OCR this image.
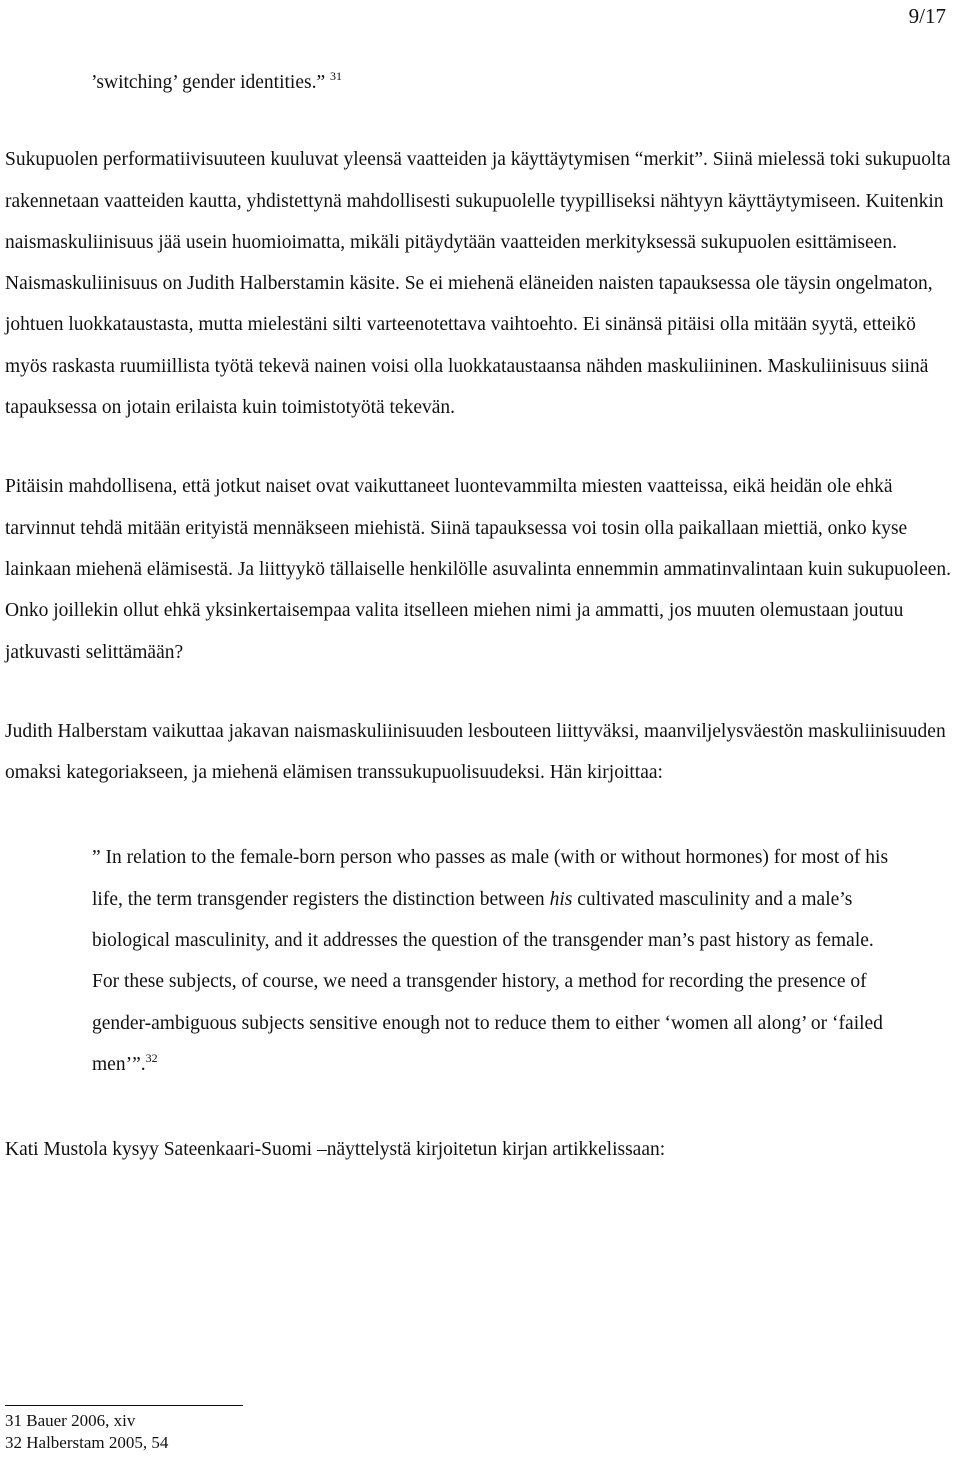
9/17

’switching’ gender identities.” $^{31}$

Sukupuolen performatiivisuuteen kuuluvat yleensä vaatteiden ja käyttäytymisen “merkit”. Siinä mielessä toki sukupuolta rakennetaan vaatteiden kautta, yhdistettynä mahdollisesti sukupuolelle tyypilliseksi nähtyyn käyttäytymiseen. Kuitenkin naismaskuliinisuus jää usein huomioimatta, mikäli pitäydytään vaatteiden merkityksessä sukupuolen esittämiseen. Naismaskuliinisuus on Judith Halberstamin käsite. Se ei miehenä eläneiden naisten tapauksessa ole täysin ongelmaton, johtuen luokkataustasta, mutta mielestäni silti varteenotettava vaihtoehto. Ei sinänsä pitäisi olla mitään syytä, etteikö myös raskasta ruumiillista työtä tekevä nainen voisi olla luokkataustaansa nähden maskuliininen. Maskuliinisuus siinä tapauksessa on jotain erilaista kuin toimistotyötä tekevän.

Pitäisin mahdollisena, että jotkut naiset ovat vaikuttaneet luontevammilta miesten vaatteissa, eikä heidän ole ehkä tarvinnut tehdä mitään erityistä mennäkseen miehistä. Siinä tapauksessa voi tosin olla paikallaan miettiä, onko kyse lainkaan miehenä elämisestä. Ja liittyykö tällaiselle henkilölle asuvalinta ennemmin ammatinvalintaan kuin sukupuoleen. Onko joillekin ollut ehkä yksinkertaisempaa valita itselleen miehen nimi ja ammatti, jos muuten olemustaan joutuu jatkuvasti selittämään?

Judith Halberstam vaikuttaa jakavan naismaskuliinisuuden lesbouteen liittyväksi, maanviljelysväestön maskuliinisuuden omaksi kategoriakseen, ja miehenä elämisen transsukupuolisuudeksi. Hän kirjoittaa:

” In relation to the female-born person who passes as male (with or without hormones) for most of his life, the term transgender registers the distinction between his cultivated masculinity and a male’s biological masculinity, and it addresses the question of the transgender man’s past history as female. For these subjects, of course, we need a transgender history, a method for recording the presence of gender-ambiguous subjects sensitive enough not to reduce them to either ‘women all along’ or ‘failed men’”.$^{32}$

Kati Mustola kysyy Sateenkaari-Suomi –näyttelystä kirjoitetun kirjan artikkelissaan:

31 Bauer 2006, xiv
32 Halberstam 2005, 54
